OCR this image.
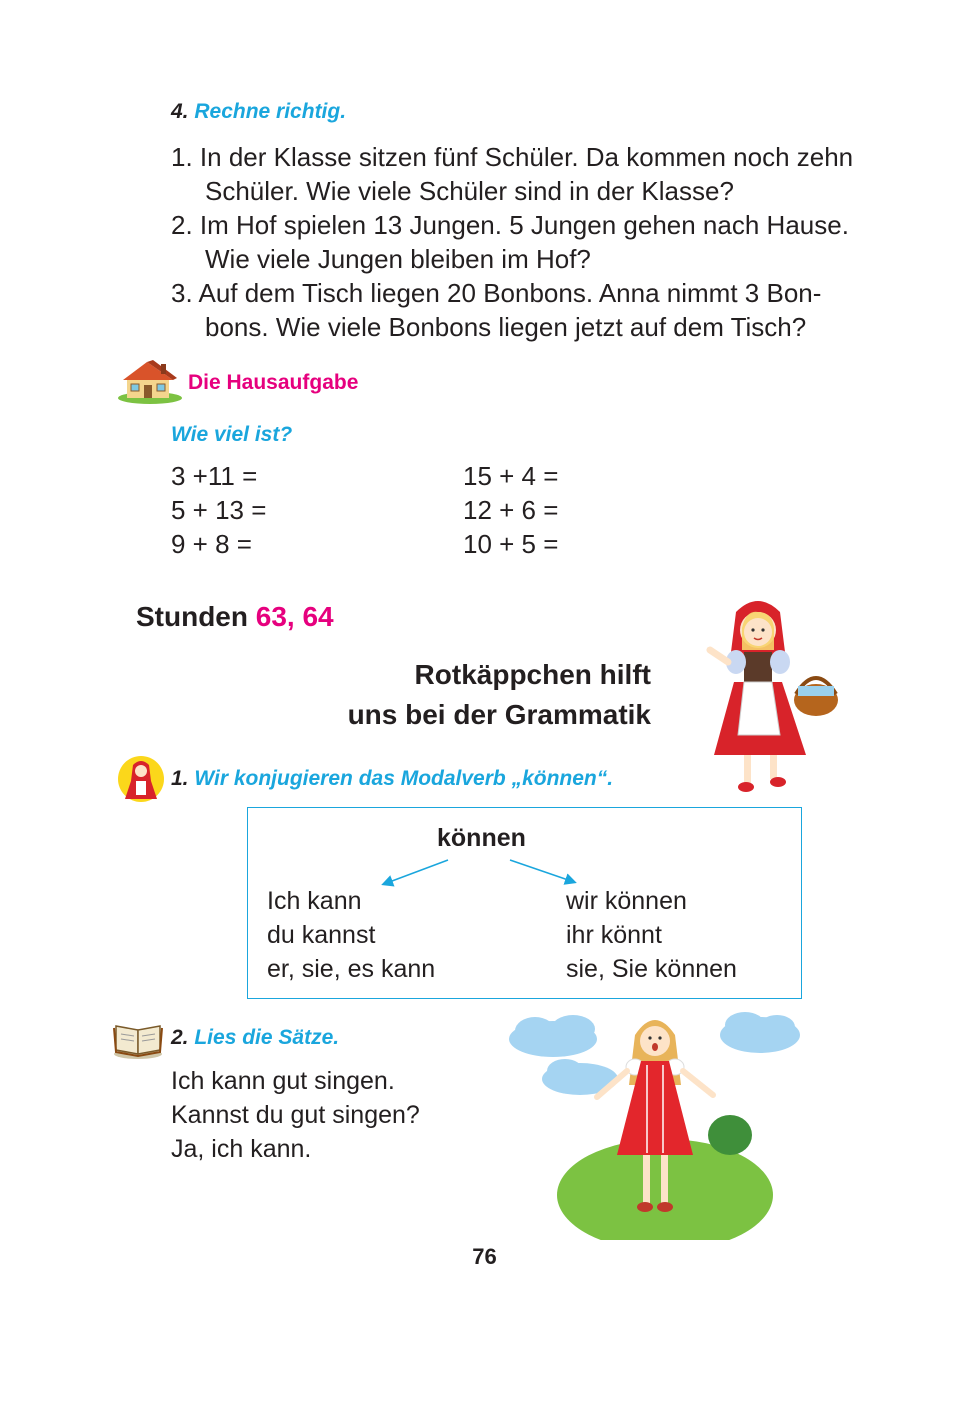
4. Rechne richtig.
1. In der Klasse sitzen fünf Schüler. Da kommen noch zehn
Schüler. Wie viele Schüler sind in der Klasse?
2. Im Hof spielen 13 Jungen. 5 Jungen gehen nach Hause.
Wie viele Jungen bleiben im Hof?
3. Auf dem Tisch liegen 20 Bonbons. Anna nimmt 3 Bon-
bons. Wie viele Bonbons liegen jetzt auf dem Tisch?
Die Hausaufgabe
Wie viel ist?
3 +11 =
5 + 13 =
9 + 8 =
15 + 4 =
12 + 6 =
10 + 5 =
Stunden 63, 64
Rotkäppchen hilft
uns bei der Grammatik
1. Wir konjugieren das Modalverb „können“.
können
Ich kann
du kannst
er, sie, es kann
wir können
ihr könnt
sie, Sie können
2. Lies die Sätze.
Ich kann gut singen.
Kannst du gut singen?
Ja, ich kann.
76
